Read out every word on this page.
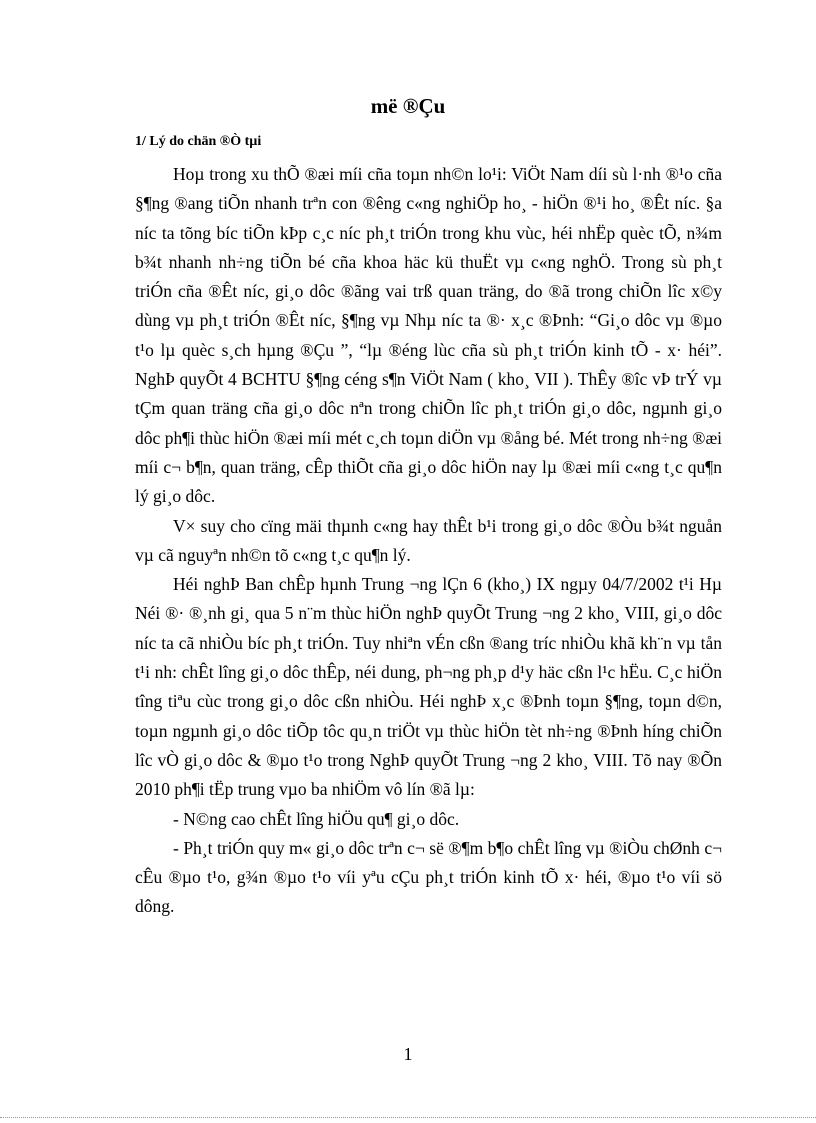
më ®Çu
1/ Lý do chän ®Ò tµi

Hoµ trong xu thÕ ®æi míi cña toµn nh©n lo¹i: ViÖt Nam díi sù l·nh ®¹o cña §¶ng ®ang tiÕn nhanh trªn con ®êng c«ng nghiÖp ho¸ - hiÖn ®¹i ho¸ ®Êt níc. §a níc ta tõng bíc tiÕn kÞp c¸c níc ph¸t triÓn trong khu vùc, héi nhËp quèc tÕ, n¾m b¾t nhanh nh÷ng tiÕn bé cña khoa häc kü thuËt vµ c«ng nghÖ. Trong sù ph¸t triÓn cña ®Êt níc, gi¸o dôc ®ãng vai trß quan träng, do ®ã trong chiÕn lîc x©y dùng vµ ph¸t triÓn ®Êt níc, §¶ng vµ Nhµ níc ta ®· x¸c ®Þnh: “Gi¸o dôc vµ ®µo t¹o lµ quèc s¸ch hµng ®Çu ”, “lµ ®éng lùc cña sù ph¸t triÓn kinh tÕ - x· héi”. NghÞ quyÕt 4 BCHTU §¶ng céng s¶n ViÖt Nam ( kho¸ VII ). ThÊy ®îc vÞ trÝ vµ tÇm quan träng cña gi¸o dôc nªn trong chiÕn lîc ph¸t triÓn gi¸o dôc, ngµnh gi¸o dôc ph¶i thùc hiÖn ®æi míi mét c¸ch toµn diÖn vµ ®ång bé. Mét trong nh÷ng ®æi míi c¬ b¶n, quan träng, cÊp thiÕt cña gi¸o dôc hiÖn nay lµ ®æi míi c«ng t¸c qu¶n lý gi¸o dôc.

V× suy cho cïng mäi thµnh c«ng hay thÊt b¹i trong gi¸o dôc ®Òu b¾t nguån vµ cã nguyªn nh©n tõ c«ng t¸c qu¶n lý.

Héi nghÞ Ban chÊp hµnh Trung ¬ng lÇn 6 (kho¸) IX ngµy 04/7/2002 t¹i Hµ Néi ®· ®¸nh gi¸ qua 5 n¨m thùc hiÖn nghÞ quyÕt Trung ¬ng 2 kho¸ VIII, gi¸o dôc níc ta cã nhiÒu bíc ph¸t triÓn. Tuy nhiªn vÉn cßn ®ang tríc nhiÒu khã kh¨n vµ tån t¹i nh: chÊt lîng gi¸o dôc thÊp, néi dung, ph¬ng ph¸p d¹y häc cßn l¹c hËu. C¸c hiÖn tîng tiªu cùc trong gi¸o dôc cßn nhiÒu. Héi nghÞ x¸c ®Þnh toµn §¶ng, toµn d©n, toµn ngµnh gi¸o dôc tiÕp tôc qu¸n triÖt vµ thùc hiÖn tèt nh÷ng ®Þnh híng chiÕn lîc vÒ gi¸o dôc & ®µo t¹o trong NghÞ quyÕt Trung ¬ng 2 kho¸ VIII. Tõ nay ®Õn 2010 ph¶i tËp trung vµo ba nhiÖm vô lín ®ã lµ:

- N©ng cao chÊt lîng hiÖu qu¶ gi¸o dôc.

- Ph¸t triÓn quy m« gi¸o dôc trªn c¬ së ®¶m b¶o chÊt lîng vµ ®iÒu chØnh c¬ cÊu ®µo t¹o, g¾n ®µo t¹o víi yªu cÇu ph¸t triÓn kinh tÕ x· héi, ®µo t¹o víi sö dông.

1
